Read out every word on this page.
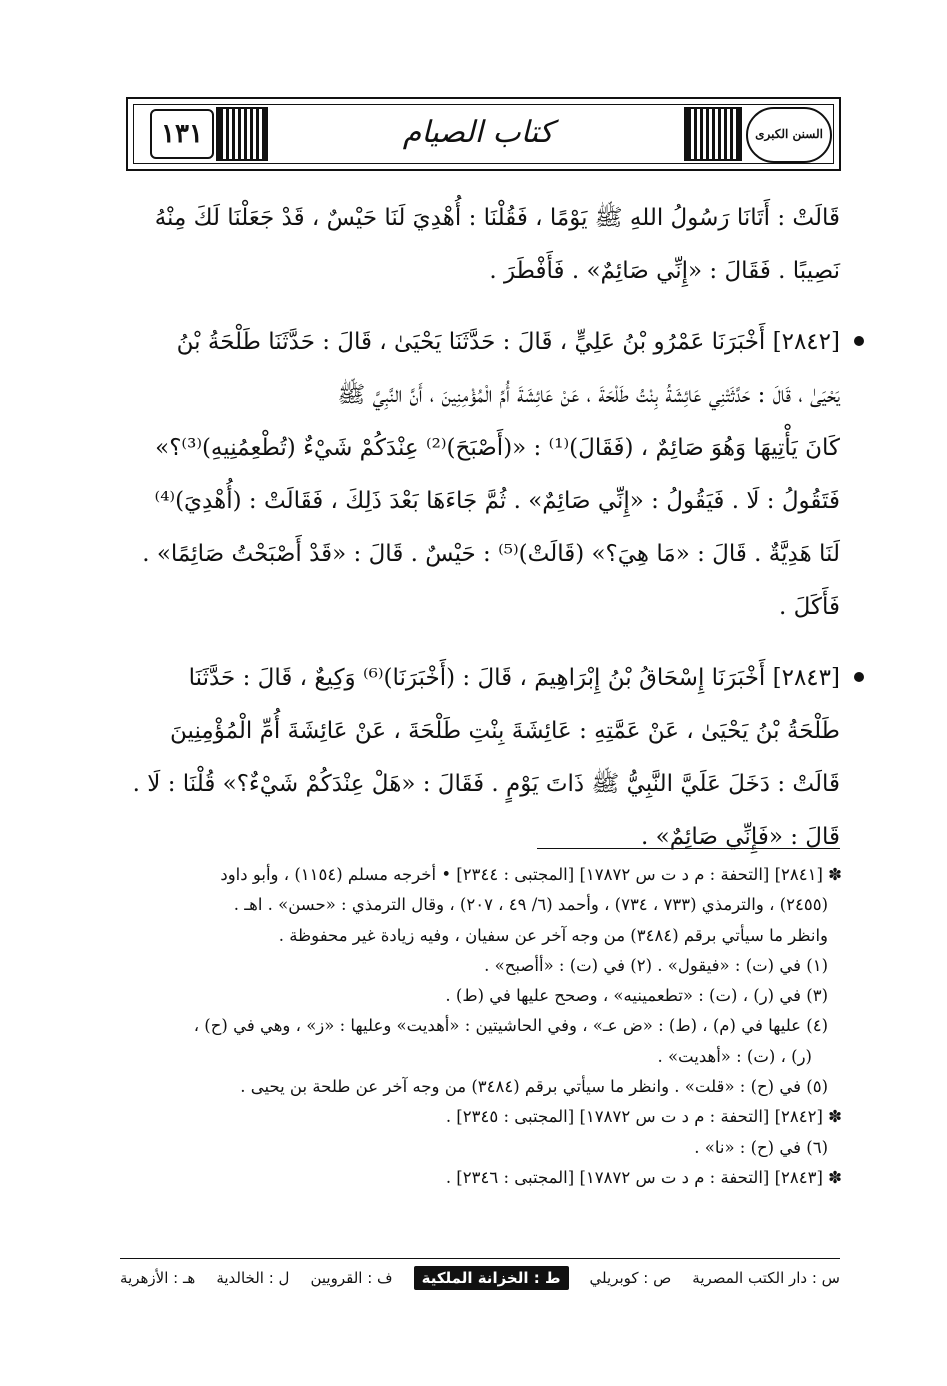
١٣١	كتاب الصيام	السنن الكبرى

قَالَتْ : أَتَانَا رَسُولُ اللهِ ﷺ يَوْمًا ، فَقُلْنَا : أُهْدِيَ لَنَا حَيْسٌ ، قَدْ جَعَلْنَا لَكَ مِنْهُ

نَصِيبًا . فَقَالَ : «إِنِّي صَائِمٌ» . فَأَفْطَرَ .

[٢٨٤٢] أَخْبَرَنَا عَمْرُو بْنُ عَلِيٍّ ، قَالَ : حَدَّثَنَا يَحْيَىٰ ، قَالَ : حَدَّثَنَا طَلْحَةُ بْنُ

يَحْيَىٰ ، قَالَ : حَدَّثَتْنِي عَائِشَةُ بِنْتُ طَلْحَةَ ، عَنْ عَائِشَةَ أُمِّ الْمُؤْمِنِينَ ، أَنَّ النَّبِيَّ ﷺ

كَانَ يَأْتِيهَا وَهُوَ صَائِمٌ ، (فَقَالَ)⁽¹⁾ : «(أَصْبَحَ)⁽²⁾ عِنْدَكُمْ شَيْءٌ (تُطْعِمُنِيهِ)⁽³⁾؟»

فَتَقُولُ : لَا . فَيَقُولُ : «إِنِّي صَائِمٌ» . ثُمَّ جَاءَهَا بَعْدَ ذَلِكَ ، فَقَالَتْ : (أُهْدِيَ)⁽⁴⁾

لَنَا هَدِيَّةٌ . قَالَ : «مَا هِيَ؟» (قَالَتْ)⁽⁵⁾ : حَيْسٌ . قَالَ : «قَدْ أَصْبَحْتُ صَائِمًا» .

فَأَكَلَ .

[٢٨٤٣] أَخْبَرَنَا إِسْحَاقُ بْنُ إِبْرَاهِيمَ ، قَالَ : (أَخْبَرَنَا)⁽⁶⁾ وَكِيعٌ ، قَالَ : حَدَّثَنَا

طَلْحَةُ بْنُ يَحْيَىٰ ، عَنْ عَمَّتِهِ : عَائِشَةَ بِنْتِ طَلْحَةَ ، عَنْ عَائِشَةَ أُمِّ الْمُؤْمِنِينَ

قَالَتْ : دَخَلَ عَلَيَّ النَّبِيُّ ﷺ ذَاتَ يَوْمٍ . فَقَالَ : «هَلْ عِنْدَكُمْ شَيْءٌ؟» قُلْنَا : لَا .

قَالَ : «فَإِنِّي صَائِمٌ» .

✽ [٢٨٤١] [التحفة : م د ت س ١٧٨٧٢] [المجتبى : ٢٣٤٤] • أخرجه مسلم (١١٥٤) ، وأبو داود
(٢٤٥٥) ، والترمذي (٧٣٣ ، ٧٣٤) ، وأحمد (٦/ ٤٩ ، ٢٠٧) ، وقال الترمذي : «حسن» . اهـ .
وانظر ما سيأتي برقم (٣٤٨٤) من وجه آخر عن سفيان ، وفيه زيادة غير محفوظة .
(١) في (ت) : «فيقول» . (٢) في (ت) : «أأصبح» .
(٣) في (ر) ، (ت) : «تطعمينيه» ، وصحح عليها في (ط) .
(٤) عليها في (م) ، (ط) : «ض عـ» ، وفي الحاشيتين : «أهديت» وعليها : «ز» ، وهي في (ح) ،
(ر) ، (ت) : «أهديت» .
(٥) في (ح) : «قلت» . وانظر ما سيأتي برقم (٣٤٨٤) من وجه آخر عن طلحة بن يحيى .
✽ [٢٨٤٢] [التحفة : م د ت س ١٧٨٧٢] [المجتبى : ٢٣٤٥] .
(٦) في (ح) : «نا» .
✽ [٢٨٤٣] [التحفة : م د ت س ١٧٨٧٢] [المجتبى : ٢٣٤٦] .
س : دار الكتب المصرية
ص : كوبريلي
ط : الخزانة الملكية
ف : القرويين
ل : الخالدية
هـ : الأزهرية
